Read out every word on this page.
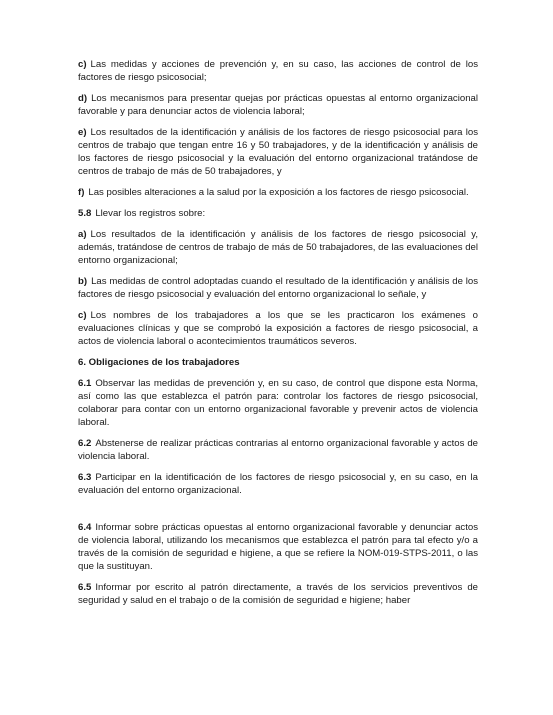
c) Las medidas y acciones de prevención y, en su caso, las acciones de control de los factores de riesgo psicosocial;

d) Los mecanismos para presentar quejas por prácticas opuestas al entorno organizacional favorable y para denunciar actos de violencia laboral;

e) Los resultados de la identificación y análisis de los factores de riesgo psicosocial para los centros de trabajo que tengan entre 16 y 50 trabajadores, y de la identificación y análisis de los factores de riesgo psicosocial y la evaluación del entorno organizacional tratándose de centros de trabajo de más de 50 trabajadores, y

f) Las posibles alteraciones a la salud por la exposición a los factores de riesgo psicosocial.

5.8 Llevar los registros sobre:

a) Los resultados de la identificación y análisis de los factores de riesgo psicosocial y, además, tratándose de centros de trabajo de más de 50 trabajadores, de las evaluaciones del entorno organizacional;

b) Las medidas de control adoptadas cuando el resultado de la identificación y análisis de los factores de riesgo psicosocial y evaluación del entorno organizacional lo señale, y

c) Los nombres de los trabajadores a los que se les practicaron los exámenes o evaluaciones clínicas y que se comprobó la exposición a factores de riesgo psicosocial, a actos de violencia laboral o acontecimientos traumáticos severos.

6. Obligaciones de los trabajadores

6.1 Observar las medidas de prevención y, en su caso, de control que dispone esta Norma, así como las que establezca el patrón para: controlar los factores de riesgo psicosocial, colaborar para contar con un entorno organizacional favorable y prevenir actos de violencia laboral.

6.2 Abstenerse de realizar prácticas contrarias al entorno organizacional favorable y actos de violencia laboral.

6.3 Participar en la identificación de los factores de riesgo psicosocial y, en su caso, en la evaluación del entorno organizacional.

6.4 Informar sobre prácticas opuestas al entorno organizacional favorable y denunciar actos de violencia laboral, utilizando los mecanismos que establezca el patrón para tal efecto y/o a través de la comisión de seguridad e higiene, a que se refiere la NOM-019-STPS-2011, o las que la sustituyan.

6.5 Informar por escrito al patrón directamente, a través de los servicios preventivos de seguridad y salud en el trabajo o de la comisión de seguridad e higiene; haber
